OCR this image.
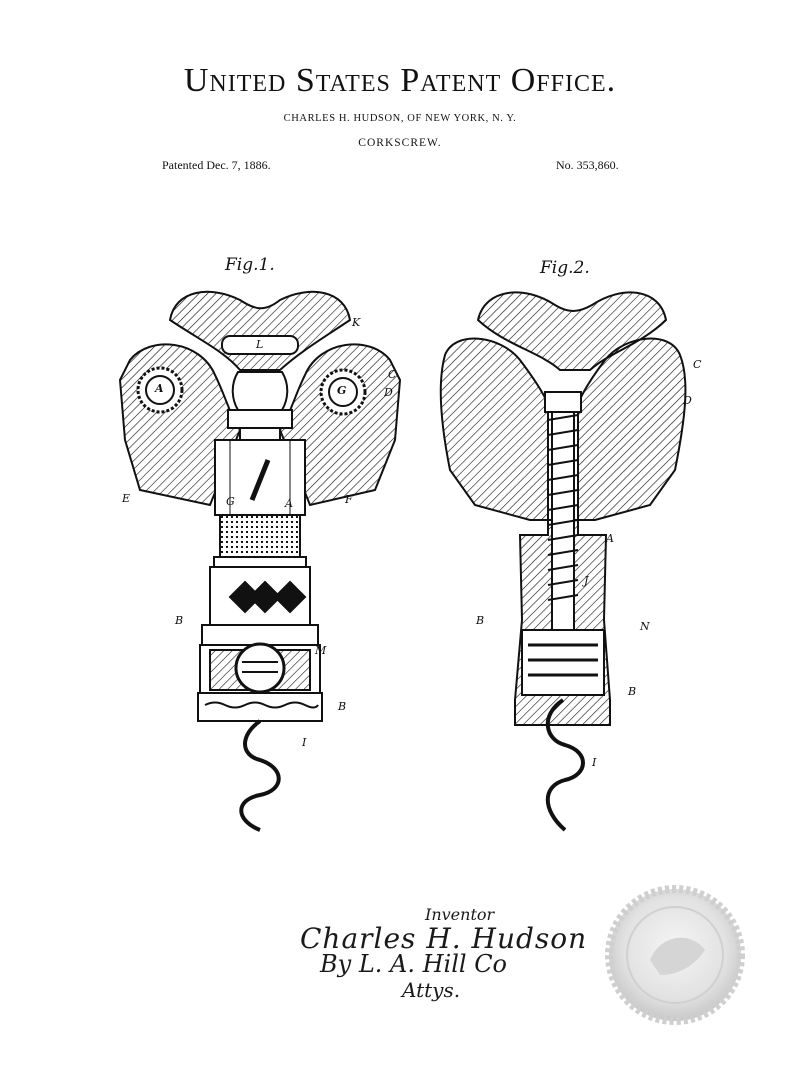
United States Patent Office.
CHARLES H. HUDSON, OF NEW YORK, N. Y.
CORKSCREW.
Patented Dec. 7, 1886.	No. 353,860.
Fig.1.	Fig.2.
K
L
C
D
A	G
E	F
G	A
B
M
B
I
C
D
A
J
B	N
B
I
Inventor
Charles H. Hudson
By L. A. Hill Co
Attys.
